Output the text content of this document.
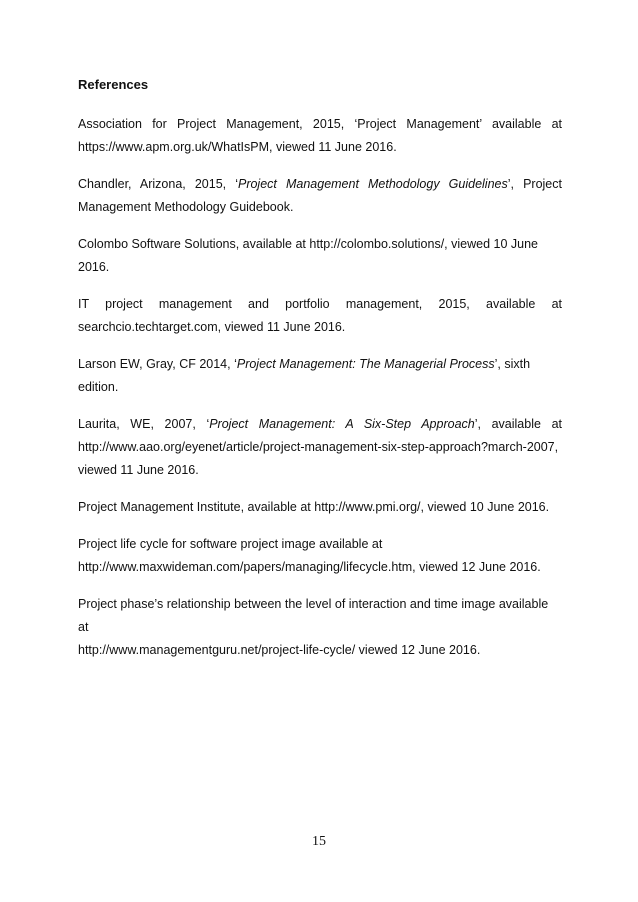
References

Association for Project Management, 2015, ‘Project Management’ available at
https://www.apm.org.uk/WhatIsPM, viewed 11 June 2016.

Chandler, Arizona, 2015, ‘Project Management Methodology Guidelines’, Project
Management Methodology Guidebook.

Colombo Software Solutions, available at http://colombo.solutions/, viewed 10 June 2016.

IT project management and portfolio management, 2015, available at
searchcio.techtarget.com, viewed 11 June 2016.

Larson EW, Gray, CF 2014, ‘Project Management: The Managerial Process’, sixth edition.

Laurita, WE, 2007, ‘Project Management: A Six-Step Approach’, available at
http://www.aao.org/eyenet/article/project-management-six-step-approach?march-2007,
viewed 11 June 2016.

Project Management Institute, available at http://www.pmi.org/, viewed 10 June 2016.

Project life cycle for software project image available at
http://www.maxwideman.com/papers/managing/lifecycle.htm, viewed 12 June 2016.

Project phase’s relationship between the level of interaction and time image available at
http://www.managementguru.net/project-life-cycle/ viewed 12 June 2016.

15
